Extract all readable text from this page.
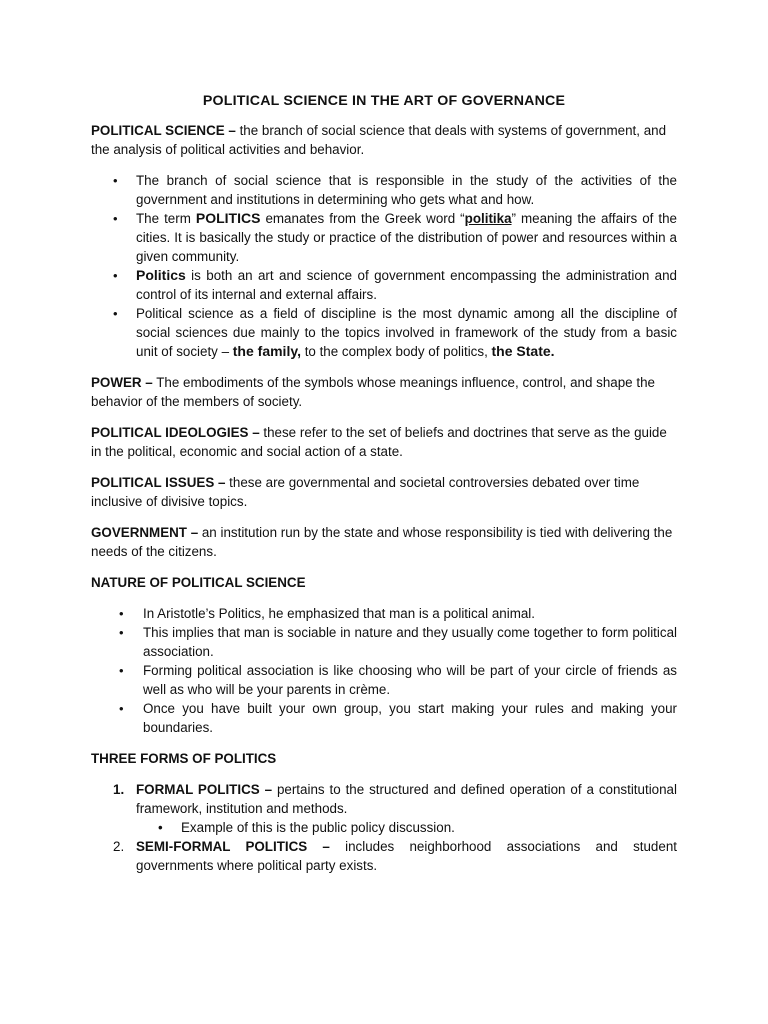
POLITICAL SCIENCE IN THE ART OF GOVERNANCE

POLITICAL SCIENCE – the branch of social science that deals with systems of government, and the analysis of political activities and behavior.

• The branch of social science that is responsible in the study of the activities of the government and institutions in determining who gets what and how.
• The term POLITICS emanates from the Greek word “politika” meaning the affairs of the cities. It is basically the study or practice of the distribution of power and resources within a given community.
• Politics is both an art and science of government encompassing the administration and control of its internal and external affairs.
• Political science as a field of discipline is the most dynamic among all the discipline of social sciences due mainly to the topics involved in framework of the study from a basic unit of society – the family, to the complex body of politics, the State.

POWER – The embodiments of the symbols whose meanings influence, control, and shape the behavior of the members of society.

POLITICAL IDEOLOGIES – these refer to the set of beliefs and doctrines that serve as the guide in the political, economic and social action of a state.

POLITICAL ISSUES – these are governmental and societal controversies debated over time inclusive of divisive topics.

GOVERNMENT – an institution run by the state and whose responsibility is tied with delivering the needs of the citizens.

NATURE OF POLITICAL SCIENCE
• In Aristotle’s Politics, he emphasized that man is a political animal.
• This implies that man is sociable in nature and they usually come together to form political association.
• Forming political association is like choosing who will be part of your circle of friends as well as who will be your parents in crème.
• Once you have built your own group, you start making your rules and making your boundaries.
THREE FORMS OF POLITICS
1. FORMAL POLITICS – pertains to the structured and defined operation of a constitutional framework, institution and methods.
• Example of this is the public policy discussion.
2. SEMI-FORMAL POLITICS – includes neighborhood associations and student governments where political party exists.
